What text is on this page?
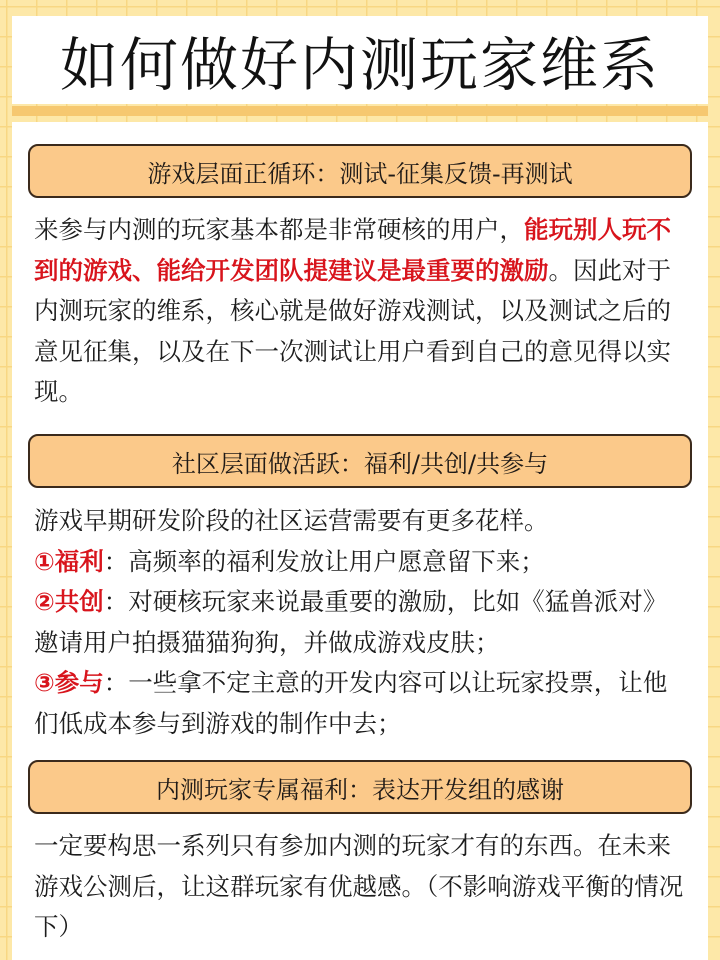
如何做好内测玩家维系
游戏层面正循环：测试-征集反馈-再测试

来参与内测的玩家基本都是非常硬核的用户，能玩别人玩不到的游戏、能给开发团队提建议是最重要的激励。因此对于内测玩家的维系，核心就是做好游戏测试，以及测试之后的意见征集，以及在下一次测试让用户看到自己的意见得以实现。

社区层面做活跃：福利/共创/共参与

游戏早期研发阶段的社区运营需要有更多花样。

①福利：高频率的福利发放让用户愿意留下来；

②共创：对硬核玩家来说最重要的激励，比如《猛兽派对》邀请用户拍摄猫猫狗狗，并做成游戏皮肤；

③参与：一些拿不定主意的开发内容可以让玩家投票，让他们低成本参与到游戏的制作中去；

内测玩家专属福利：表达开发组的感谢

一定要构思一系列只有参加内测的玩家才有的东西。在未来游戏公测后，让这群玩家有优越感。（不影响游戏平衡的情况下）
